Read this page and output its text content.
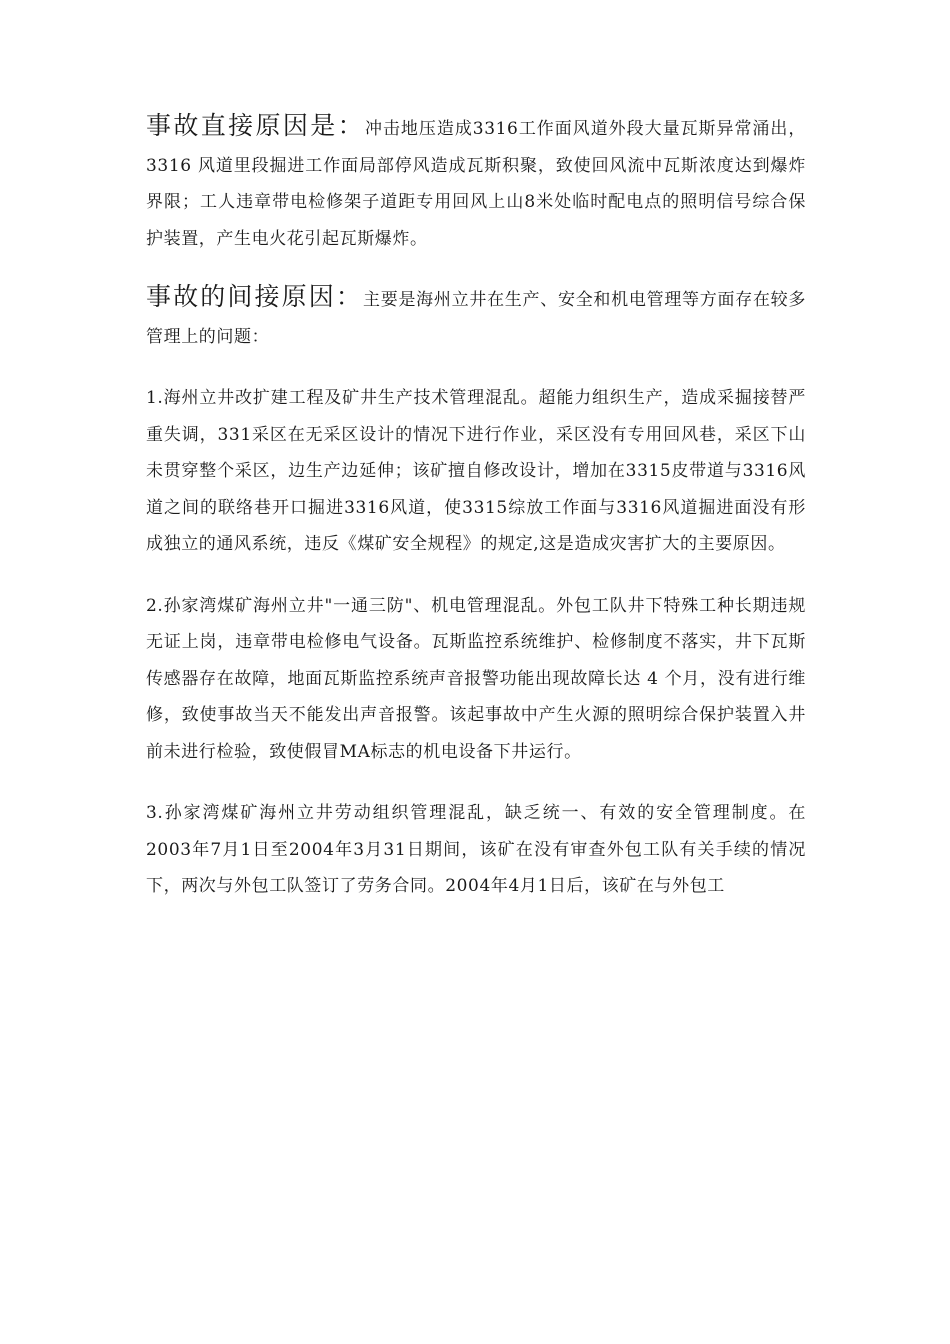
事故直接原因是：冲击地压造成3316工作面风道外段大量瓦斯异常涌出，3316 风道里段掘进工作面局部停风造成瓦斯积聚，致使回风流中瓦斯浓度达到爆炸界限；工人违章带电检修架子道距专用回风上山8米处临时配电点的照明信号综合保护装置，产生电火花引起瓦斯爆炸。

事故的间接原因：主要是海州立井在生产、安全和机电管理等方面存在较多管理上的问题：

1.海州立井改扩建工程及矿井生产技术管理混乱。超能力组织生产，造成采掘接替严重失调，331采区在无采区设计的情况下进行作业，采区没有专用回风巷，采区下山未贯穿整个采区，边生产边延伸；该矿擅自修改设计，增加在3315皮带道与3316风道之间的联络巷开口掘进3316风道，使3315综放工作面与3316风道掘进面没有形成独立的通风系统，违反《煤矿安全规程》的规定,这是造成灾害扩大的主要原因。

2.孙家湾煤矿海州立井"一通三防"、机电管理混乱。外包工队井下特殊工种长期违规无证上岗，违章带电检修电气设备。瓦斯监控系统维护、检修制度不落实，井下瓦斯传感器存在故障，地面瓦斯监控系统声音报警功能出现故障长达 4 个月，没有进行维修，致使事故当天不能发出声音报警。该起事故中产生火源的照明综合保护装置入井前未进行检验，致使假冒MA标志的机电设备下井运行。

3.孙家湾煤矿海州立井劳动组织管理混乱，缺乏统一、有效的安全管理制度。在2003年7月1日至2004年3月31日期间，该矿在没有审查外包工队有关手续的情况下，两次与外包工队签订了劳务合同。2004年4月1日后，该矿在与外包工
